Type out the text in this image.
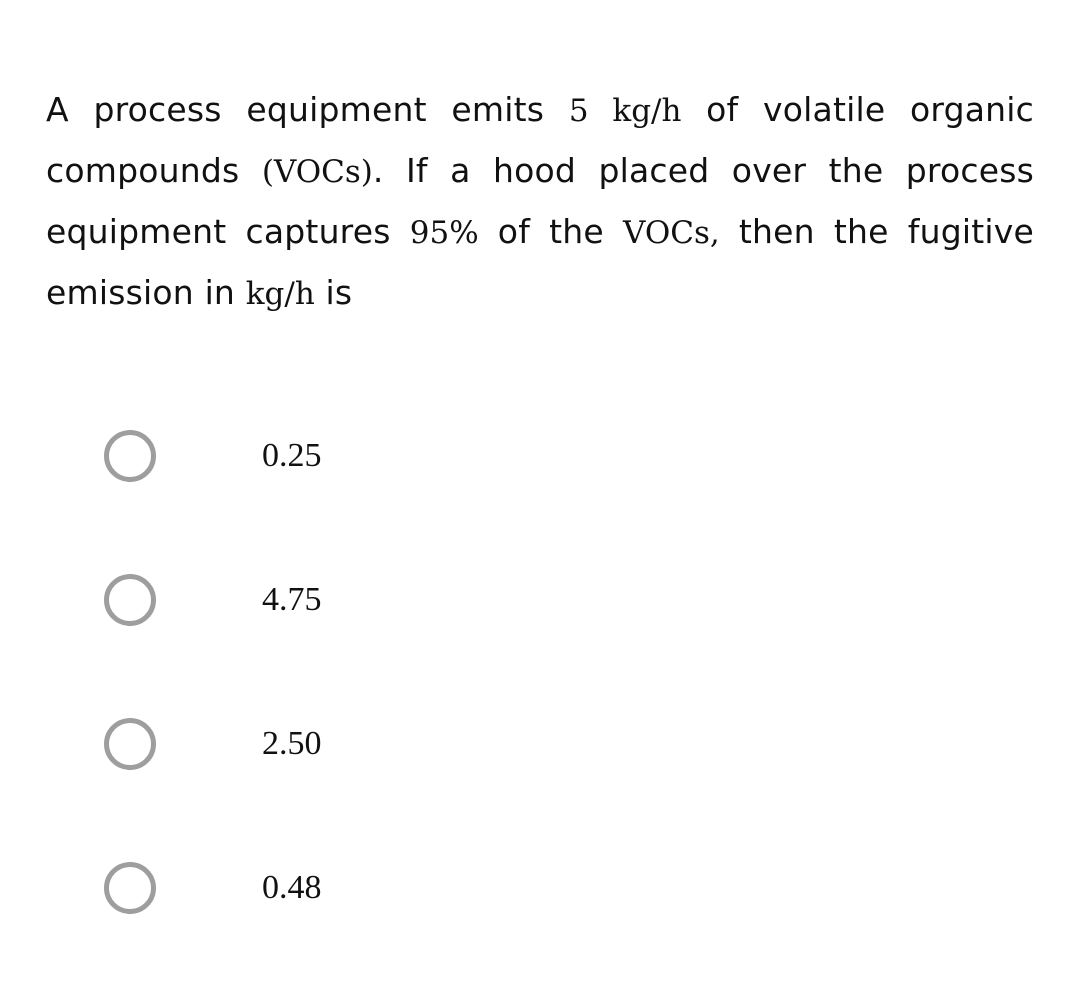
A process equipment emits 5 kg/h of volatile organic compounds (VOCs). If a hood placed over the process equipment captures 95% of the VOCs, then the fugitive emission in kg/h is
0.25
4.75
2.50
0.48
